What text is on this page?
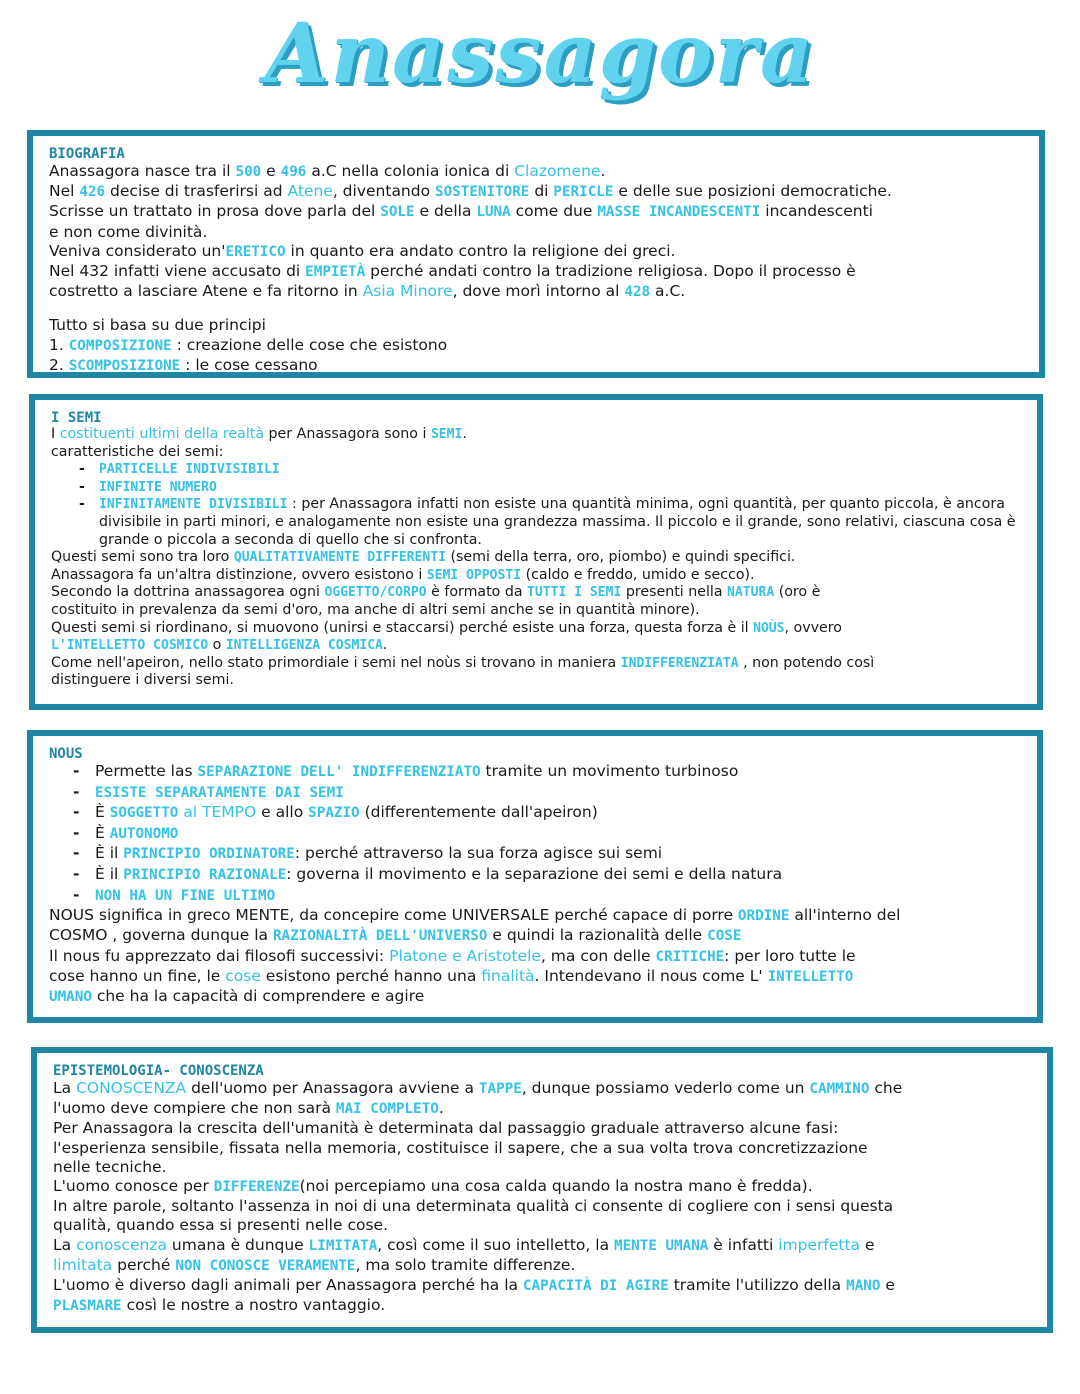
Anassagora
BIOGRAFIA
Anassagora nasce tra il 500 e 496 a.C nella colonia ionica di Clazomene.
Nel 426 decise di trasferirsi ad Atene, diventando SOSTENITORE di PERICLE e delle sue posizioni democratiche.
Scrisse un trattato in prosa dove parla del SOLE e della LUNA come due MASSE INCANDESCENTI incandescenti
e non come divinità.
Veniva considerato un'ERETICO in quanto era andato contro la religione dei greci.
Nel 432 infatti viene accusato di EMPIETÀ perché andati contro la tradizione religiosa. Dopo il processo è
costretto a lasciare Atene e fa ritorno in Asia Minore, dove morì intorno al 428 a.C.
Tutto si basa su due principi
1. COMPOSIZIONE : creazione delle cose che esistono
2. SCOMPOSIZIONE : le cose cessano
I SEMI
I costituenti ultimi della realtà per Anassagora sono i SEMI.
caratteristiche dei semi:
- PARTICELLE INDIVISIBILI
- INFINITE NUMERO
- INFINITAMENTE DIVISIBILI : per Anassagora infatti non esiste una quantità minima, ogni quantità, per quanto piccola, è ancora divisibile in parti minori, e analogamente non esiste una grandezza massima. Il piccolo e il grande, sono relativi, ciascuna cosa è grande o piccola a seconda di quello che si confronta.
Questi semi sono tra loro QUALITATIVAMENTE DIFFERENTI (semi della terra, oro, piombo) e quindi specifici.
Anassagora fa un'altra distinzione, ovvero esistono i SEMI OPPOSTI (caldo e freddo, umido e secco).
Secondo la dottrina anassagorea ogni OGGETTO/CORPO è formato da TUTTI I SEMI presenti nella NATURA (oro è
costituito in prevalenza da semi d'oro, ma anche di altri semi anche se in quantità minore).
Questi semi si riordinano, si muovono (unirsi e staccarsi) perché esiste una forza, questa forza è il NOÙS, ovvero
L'INTELLETTO COSMICO o INTELLIGENZA COSMICA.
Come nell'apeiron, nello stato primordiale i semi nel noùs si trovano in maniera INDIFFERENZIATA , non potendo così
distinguere i diversi semi.
NOUS
- Permette las SEPARAZIONE DELL' INDIFFERENZIATO tramite un movimento turbinoso
- ESISTE SEPARATAMENTE DAI SEMI
- È SOGGETTO al TEMPO e allo SPAZIO (differentemente dall'apeiron)
- È AUTONOMO
- È il PRINCIPIO ORDINATORE: perché attraverso la sua forza agisce sui semi
- È il PRINCIPIO RAZIONALE: governa il movimento e la separazione dei semi e della natura
- NON HA UN FINE ULTIMO
NOUS significa in greco MENTE, da concepire come UNIVERSALE perché capace di porre ORDINE all'interno del
COSMO , governa dunque la RAZIONALITÀ DELL'UNIVERSO e quindi la razionalità delle COSE
Il nous fu apprezzato dai filosofi successivi: Platone e Aristotele, ma con delle CRITICHE: per loro tutte le
cose hanno un fine, le cose esistono perché hanno una finalità. Intendevano il nous come L' INTELLETTO
UMANO che ha la capacità di comprendere e agire
EPISTEMOLOGIA- CONOSCENZA
La CONOSCENZA dell'uomo per Anassagora avviene a TAPPE, dunque possiamo vederlo come un CAMMINO che
l'uomo deve compiere che non sarà MAI COMPLETO.
Per Anassagora la crescita dell'umanità è determinata dal passaggio graduale attraverso alcune fasi:
l'esperienza sensibile, fissata nella memoria, costituisce il sapere, che a sua volta trova concretizzazione
nelle tecniche.
L'uomo conosce per DIFFERENZE(noi percepiamo una cosa calda quando la nostra mano è fredda).
In altre parole, soltanto l'assenza in noi di una determinata qualità ci consente di cogliere con i sensi questa
qualità, quando essa si presenti nelle cose.
La conoscenza umana è dunque LIMITATA, così come il suo intelletto, la MENTE UMANA è infatti imperfetta e
limitata perché NON CONOSCE VERAMENTE, ma solo tramite differenze.
L'uomo è diverso dagli animali per Anassagora perché ha la CAPACITÀ DI AGIRE tramite l'utilizzo della MANO e
PLASMARE così le nostre a nostro vantaggio.
